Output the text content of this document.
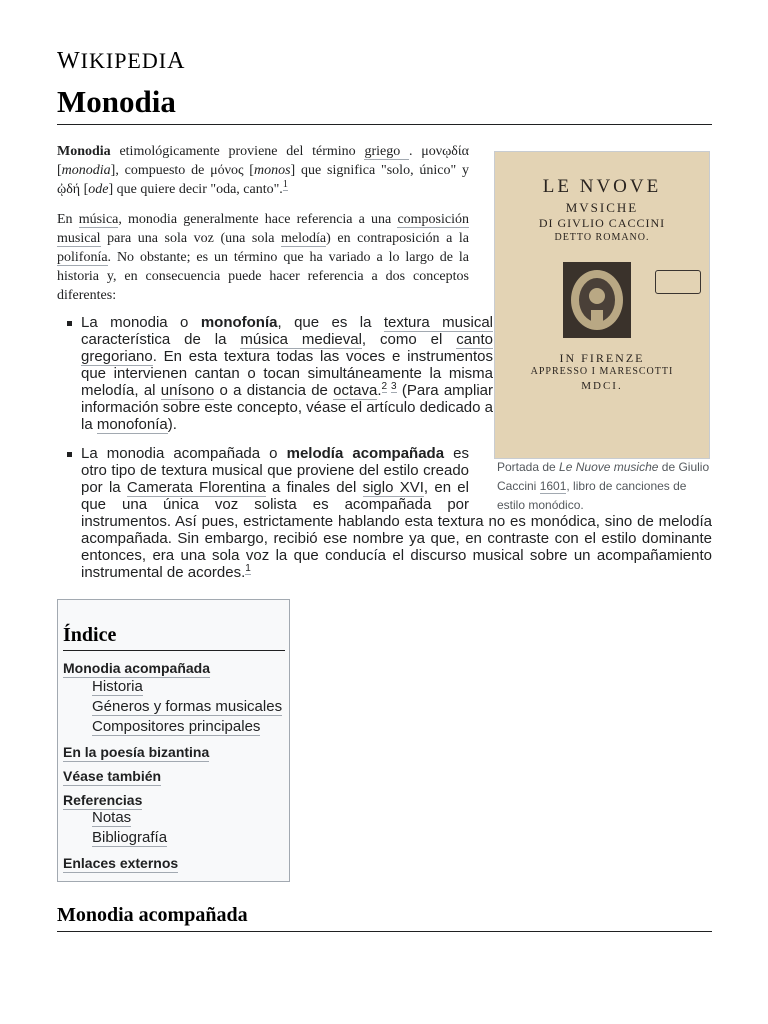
WIKIPEDIA
Monodia
Monodia etimológicamente proviene del término griego . μονῳδία [monodia], compuesto de μόνος [monos] que significa "solo, único" y ᾠδή [ode] que quiere decir "oda, canto".$^1$
En música, monodia generalmente hace referencia a una composición musical para una sola voz (una sola melodía) en contraposición a la polifonía. No obstante; es un término que ha variado a lo largo de la historia y, en consecuencia puede hacer referencia a dos conceptos diferentes:
La monodia o monofonía, que es la textura musical característica de la música medieval, como el canto gregoriano. En esta textura todas las voces e instrumentos que intervienen cantan o tocan simultáneamente la misma melodía, al unísono o a distancia de octava.$^{2 3}$ (Para ampliar información sobre este concepto, véase el artículo dedicado a la monofonía).
La monodia acompañada o melodía acompañada es otro tipo de textura musical que proviene del estilo creado por la Camerata Florentina a finales del siglo XVI, en el que una única voz solista es acompañada por instrumentos. Así pues, estrictamente hablando esta textura no es monódica, sino de melodía acompañada. Sin embargo, recibió ese nombre ya que, en contraste con el estilo dominante entonces, era una sola voz la que conducía el discurso musical sobre un acompañamiento instrumental de acordes.$^1$
LE NVOVE
MVSICHE
DI GIVLIO CACCINI
DETTO ROMANO.
IN FIRENZE
APPRESSO I MARESCOTTI
MDCI.
Portada de Le Nuove musiche de Giulio Caccini 1601, libro de canciones de estilo monódico.
Índice
Monodia acompañada
Historia
Géneros y formas musicales
Compositores principales
En la poesía bizantina
Véase también
Referencias
Notas
Bibliografía
Enlaces externos
Monodia acompañada
